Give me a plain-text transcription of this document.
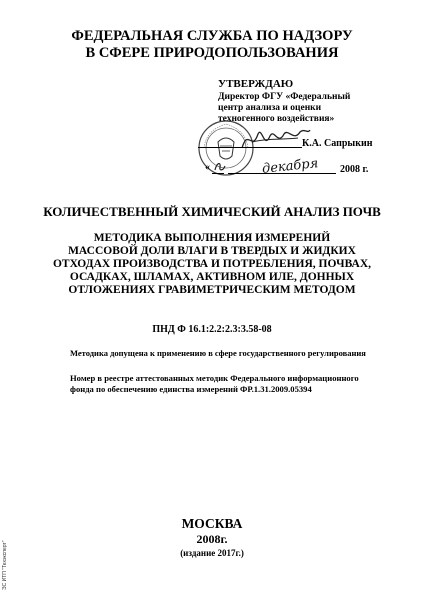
ФЕДЕРАЛЬНАЯ СЛУЖБА ПО НАДЗОРУ
В СФЕРЕ ПРИРОДОПОЛЬЗОВАНИЯ
УТВЕРЖДАЮ
Директор ФГУ «Федеральный
центр анализа и оценки
техногенного воздействия»
К.А. Сапрыкин
«	декабря 2008 г.
КОЛИЧЕСТВЕННЫЙ ХИМИЧЕСКИЙ АНАЛИЗ ПОЧВ
МЕТОДИКА ВЫПОЛНЕНИЯ ИЗМЕРЕНИЙ
МАССОВОЙ ДОЛИ ВЛАГИ В ТВЕРДЫХ И ЖИДКИХ
ОТХОДАХ ПРОИЗВОДСТВА И ПОТРЕБЛЕНИЯ, ПОЧВАХ,
ОСАДКАХ, ШЛАМАХ, АКТИВНОМ ИЛЕ, ДОННЫХ
ОТЛОЖЕНИЯХ ГРАВИМЕТРИЧЕСКИМ МЕТОДОМ
ПНД Ф 16.1:2.2:2.3:3.58-08
Методика допущена к применению в сфере государственного регулирования
Номер в реестре аттестованных методик Федерального информационного
фонда по обеспечению единства измерений ФР.1.31.2009.05394
МОСКВА
2008г.
(издание 2017г.)
ЭС ИТП "Техэксперт"
